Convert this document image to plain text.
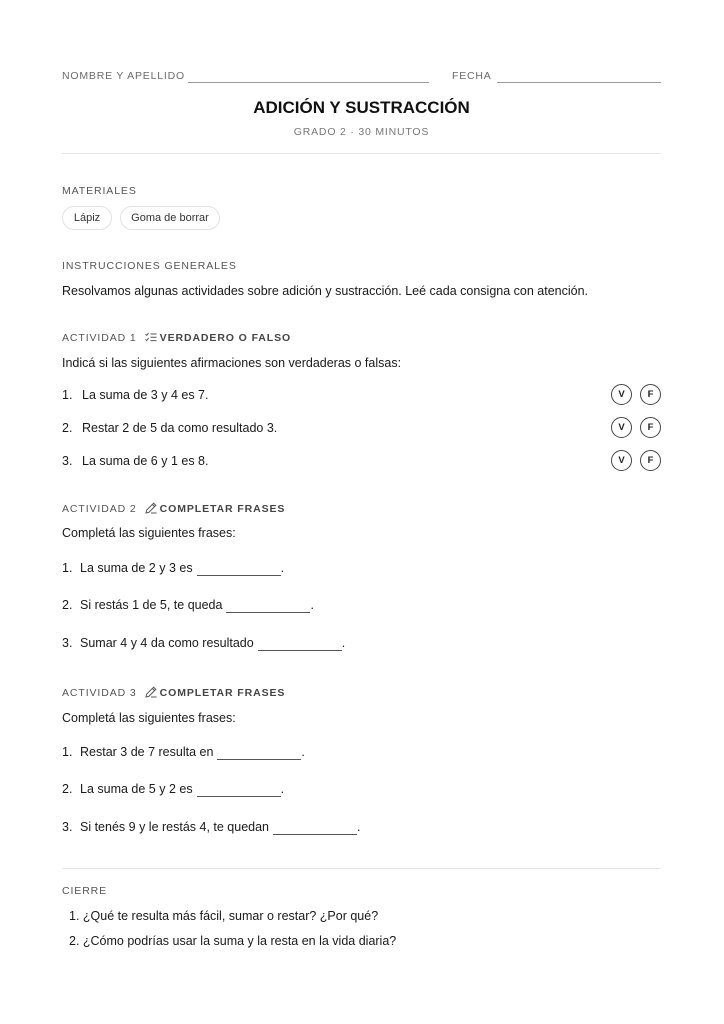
NOMBRE Y APELLIDO	FECHA
ADICIÓN Y SUSTRACCIÓN
GRADO 2 · 30 MINUTOS
MATERIALES
Lápiz	Goma de borrar
INSTRUCCIONES GENERALES
Resolvamos algunas actividades sobre adición y sustracción. Leé cada consigna con atención.
ACTIVIDAD 1 VERDADERO O FALSO
Indicá si las siguientes afirmaciones son verdaderas o falsas:
1. La suma de 3 y 4 es 7.	V	F
2. Restar 2 de 5 da como resultado 3.	V	F
3. La suma de 6 y 1 es 8.	V	F
ACTIVIDAD 2 COMPLETAR FRASES
Completá las siguientes frases:
1. La suma de 2 y 3 es	.
2. Si restás 1 de 5, te queda	.
3. Sumar 4 y 4 da como resultado	.
ACTIVIDAD 3 COMPLETAR FRASES
Completá las siguientes frases:
1. Restar 3 de 7 resulta en	.
2. La suma de 5 y 2 es	.
3. Si tenés 9 y le restás 4, te quedan	.
CIERRE
1. ¿Qué te resulta más fácil, sumar o restar? ¿Por qué?
2. ¿Cómo podrías usar la suma y la resta en la vida diaria?
